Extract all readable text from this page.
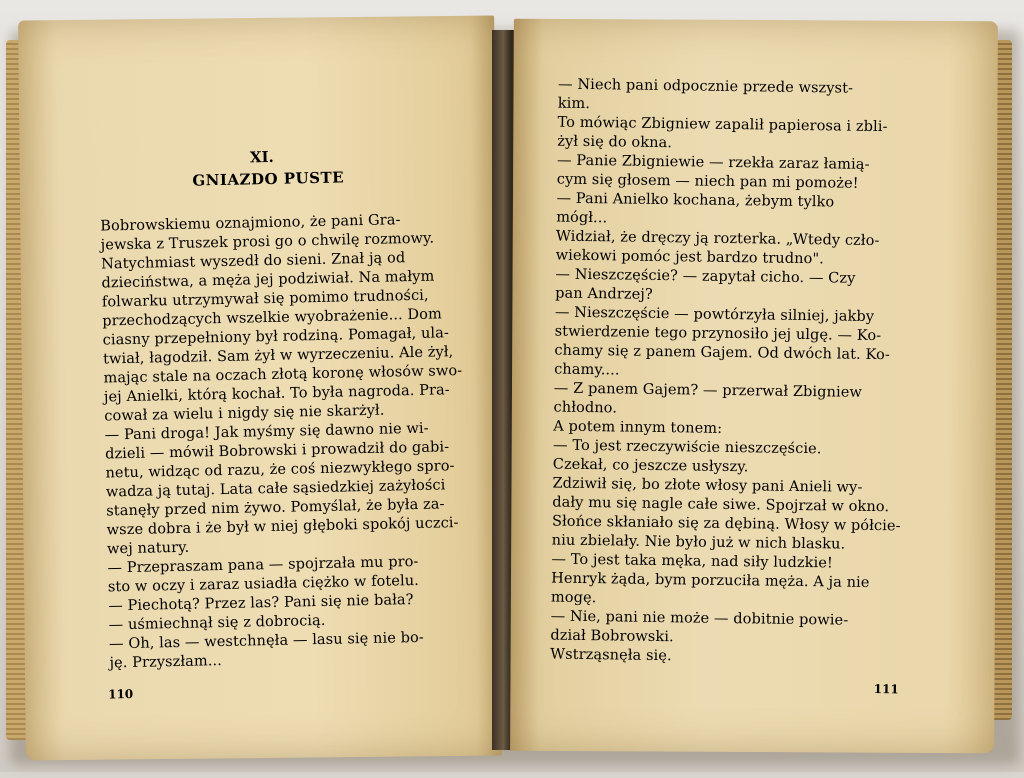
XI.
GNIAZDO PUSTE
Bobrowskiemu oznajmiono, że pani Gra-
jewska z Truszek prosi go o chwilę rozmowy.
Natychmiast wyszedł do sieni. Znał ją od
dzieciństwa, a męża jej podziwiał. Na małym
folwarku utrzymywał się pomimo trudności,
przechodzących wszelkie wyobrażenie... Dom
ciasny przepełniony był rodziną. Pomagał, ula-
twiał, łagodził. Sam żył w wyrzeczeniu. Ale żył,
mając stale na oczach złotą koronę włosów swo-
jej Anielki, którą kochał. To była nagroda. Pra-
cował za wielu i nigdy się nie skarżył.
— Pani droga! Jak myśmy się dawno nie wi-
dzieli — mówił Bobrowski i prowadził do gabi-
netu, widząc od razu, że coś niezwykłego spro-
wadza ją tutaj. Lata całe sąsiedzkiej zażyłości
stanęły przed nim żywo. Pomyślał, że była za-
wsze dobra i że był w niej głęboki spokój uczci-
wej natury.
— Przepraszam pana — spojrzała mu pro-
sto w oczy i zaraz usiadła ciężko w fotelu.
— Piechotą? Przez las? Pani się nie bała?
— uśmiechnął się z dobrocią.
— Oh, las — westchnęła — lasu się nie bo-
ję. Przyszłam...
110
— Niech pani odpocznie przede wszyst-
kim.
To mówiąc Zbigniew zapalił papierosa i zbli-
żył się do okna.
— Panie Zbigniewie — rzekła zaraz łamią-
cym się głosem — niech pan mi pomoże!
— Pani Anielko kochana, żebym tylko
mógł...
Widział, że dręczy ją rozterka. „Wtedy czło-
wiekowi pomóc jest bardzo trudno".
— Nieszczęście? — zapytał cicho. — Czy
pan Andrzej?
— Nieszczęście — powtórzyła silniej, jakby
stwierdzenie tego przynosiło jej ulgę. — Ko-
chamy się z panem Gajem. Od dwóch lat. Ko-
chamy....
— Z panem Gajem? — przerwał Zbigniew
chłodno.
A potem innym tonem:
— To jest rzeczywiście nieszczęście.
Czekał, co jeszcze usłyszy.
Zdziwił się, bo złote włosy pani Anieli wy-
dały mu się nagle całe siwe. Spojrzał w okno.
Słońce skłaniało się za dębiną. Włosy w półcie-
niu zbielały. Nie było już w nich blasku.
— To jest taka męka, nad siły ludzkie!
Henryk żąda, bym porzuciła męża. A ja nie
mogę.
— Nie, pani nie może — dobitnie powie-
dział Bobrowski.
Wstrząsnęła się.
111
